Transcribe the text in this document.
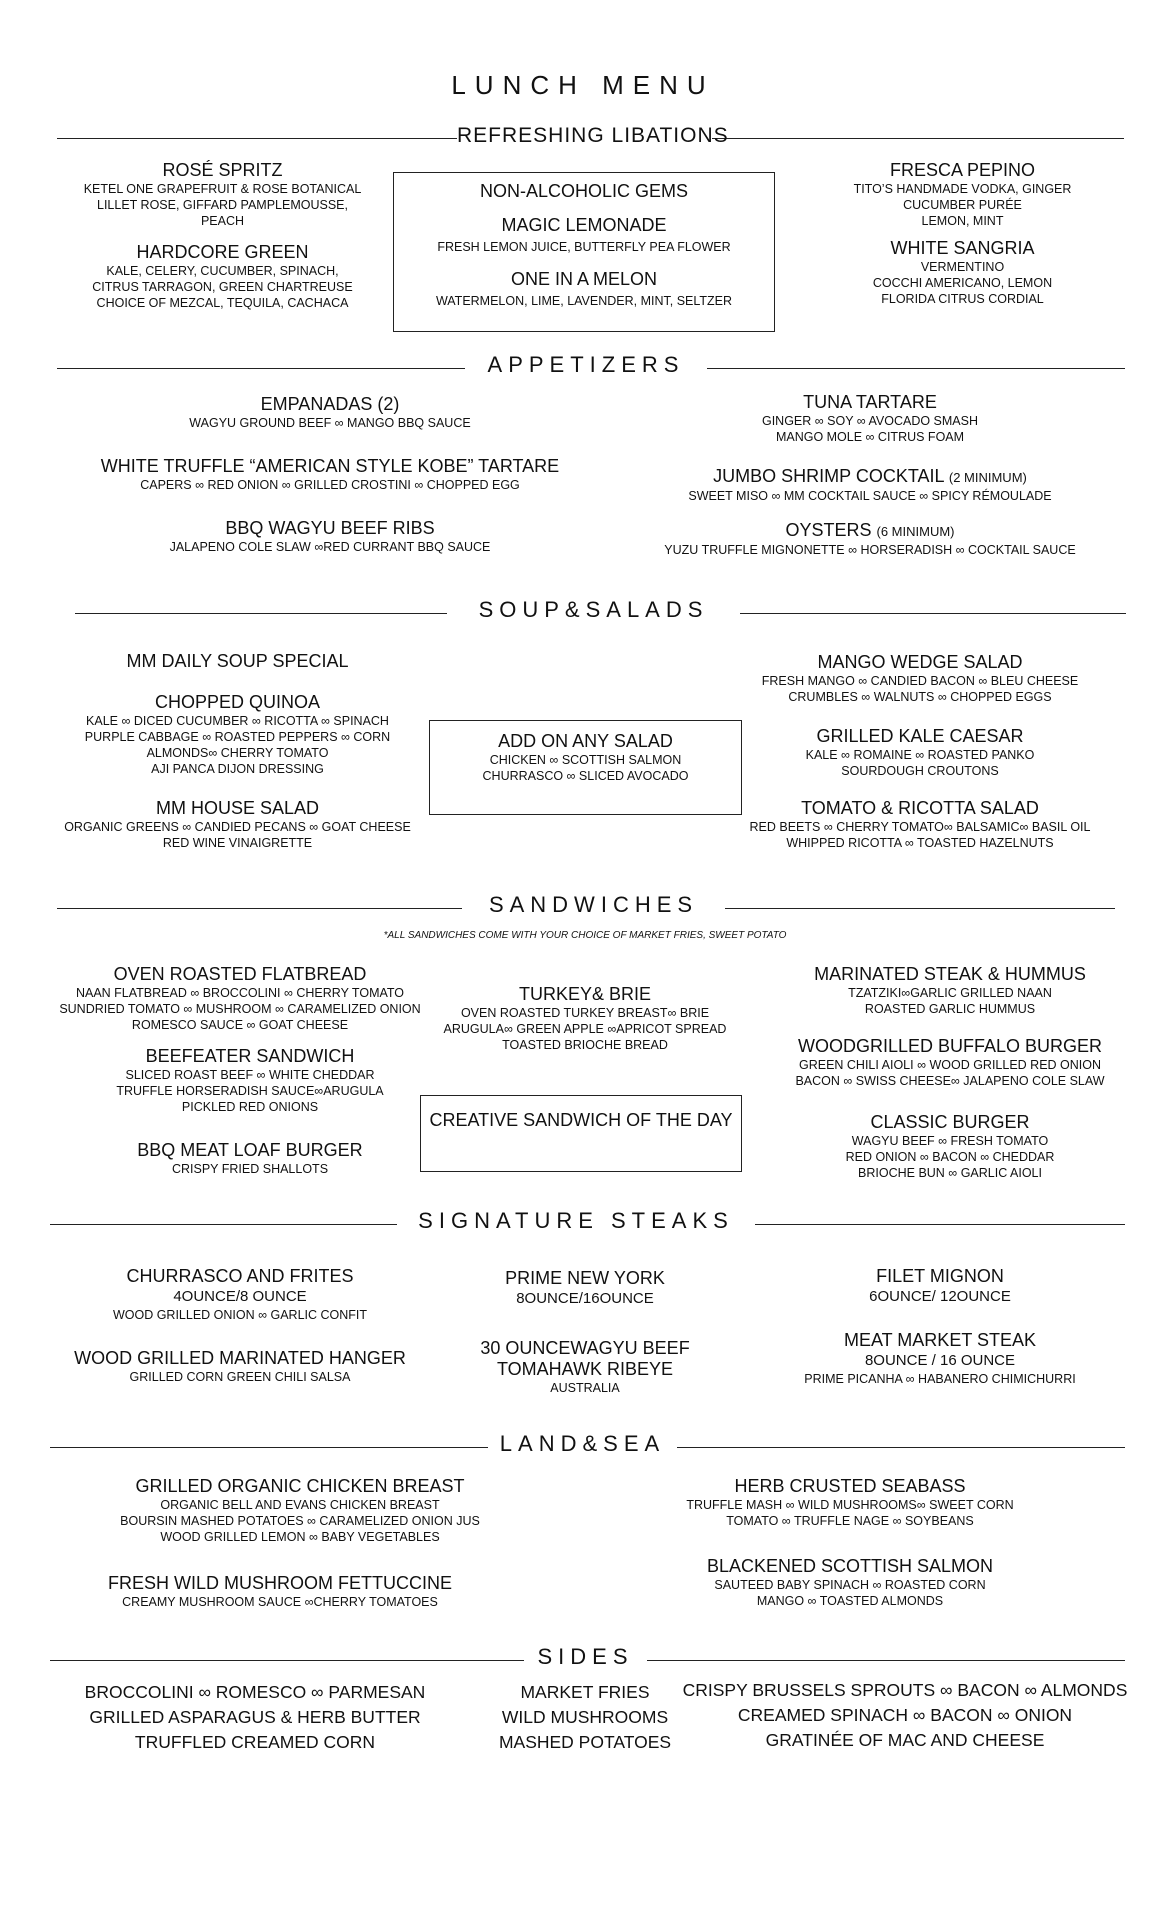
LUNCH MENU
REFRESHING LIBATIONS
ROSÉ SPRITZ
KETEL ONE GRAPEFRUIT & ROSE BOTANICAL
LILLET ROSE, GIFFARD PAMPLEMOUSSE,
PEACH
HARDCORE GREEN
KALE, CELERY, CUCUMBER, SPINACH,
CITRUS TARRAGON, GREEN CHARTREUSE
CHOICE OF MEZCAL, TEQUILA, CACHACA
NON-ALCOHOLIC GEMS
MAGIC LEMONADE
FRESH LEMON JUICE, BUTTERFLY PEA FLOWER
ONE IN A MELON
WATERMELON, LIME, LAVENDER, MINT, SELTZER
FRESCA PEPINO
TITO’S HANDMADE VODKA, GINGER
CUCUMBER PURÉE
LEMON, MINT
WHITE SANGRIA
VERMENTINO
COCCHI AMERICANO, LEMON
FLORIDA CITRUS CORDIAL
APPETIZERS
EMPANADAS (2)
WAGYU GROUND BEEF ∞ MANGO BBQ SAUCE
WHITE TRUFFLE “AMERICAN STYLE KOBE” TARTARE
CAPERS ∞ RED ONION ∞ GRILLED CROSTINI ∞ CHOPPED EGG
BBQ WAGYU BEEF RIBS
JALAPENO COLE SLAW ∞RED CURRANT BBQ SAUCE
TUNA TARTARE
GINGER ∞ SOY ∞ AVOCADO SMASH
MANGO MOLE ∞ CITRUS FOAM
JUMBO SHRIMP COCKTAIL (2 MINIMUM)
SWEET MISO ∞ MM COCKTAIL SAUCE ∞ SPICY RÉMOULADE
OYSTERS (6 MINIMUM)
YUZU TRUFFLE MIGNONETTE ∞ HORSERADISH ∞ COCKTAIL SAUCE
SOUP&SALADS
MM DAILY SOUP SPECIAL
CHOPPED QUINOA
KALE ∞ DICED CUCUMBER ∞ RICOTTA ∞ SPINACH
PURPLE CABBAGE ∞ ROASTED PEPPERS ∞ CORN
ALMONDS∞ CHERRY TOMATO
AJI PANCA DIJON DRESSING
MM HOUSE SALAD
ORGANIC GREENS ∞ CANDIED PECANS ∞ GOAT CHEESE
RED WINE VINAIGRETTE
ADD ON ANY SALAD
CHICKEN ∞ SCOTTISH SALMON
CHURRASCO ∞ SLICED AVOCADO
MANGO WEDGE SALAD
FRESH MANGO ∞ CANDIED BACON ∞ BLEU CHEESE
CRUMBLES ∞ WALNUTS ∞ CHOPPED EGGS
GRILLED KALE CAESAR
KALE ∞ ROMAINE ∞ ROASTED PANKO
SOURDOUGH CROUTONS
TOMATO & RICOTTA SALAD
RED BEETS ∞ CHERRY TOMATO∞ BALSAMIC∞ BASIL OIL
WHIPPED RICOTTA ∞ TOASTED HAZELNUTS
SANDWICHES
*ALL SANDWICHES COME WITH YOUR CHOICE OF MARKET FRIES, SWEET POTATO
OVEN ROASTED FLATBREAD
NAAN FLATBREAD ∞ BROCCOLINI ∞ CHERRY TOMATO
SUNDRIED TOMATO ∞ MUSHROOM ∞ CARAMELIZED ONION
ROMESCO SAUCE ∞ GOAT CHEESE
BEEFEATER SANDWICH
SLICED ROAST BEEF ∞ WHITE CHEDDAR
TRUFFLE HORSERADISH SAUCE∞ARUGULA
PICKLED RED ONIONS
BBQ MEAT LOAF BURGER
CRISPY FRIED SHALLOTS
TURKEY& BRIE
OVEN ROASTED TURKEY BREAST∞ BRIE
ARUGULA∞ GREEN APPLE ∞APRICOT SPREAD
TOASTED BRIOCHE BREAD
CREATIVE SANDWICH OF THE DAY
MARINATED STEAK & HUMMUS
TZATZIKI∞GARLIC GRILLED NAAN
ROASTED GARLIC HUMMUS
WOODGRILLED BUFFALO BURGER
GREEN CHILI AIOLI ∞ WOOD GRILLED RED ONION
BACON ∞ SWISS CHEESE∞ JALAPENO COLE SLAW
CLASSIC BURGER
WAGYU BEEF ∞ FRESH TOMATO
RED ONION ∞ BACON ∞ CHEDDAR
BRIOCHE BUN ∞ GARLIC AIOLI
SIGNATURE STEAKS
CHURRASCO AND FRITES
4OUNCE/8 OUNCE
WOOD GRILLED ONION ∞ GARLIC CONFIT
WOOD GRILLED MARINATED HANGER
GRILLED CORN GREEN CHILI SALSA
PRIME NEW YORK
8OUNCE/16OUNCE
30 OUNCEWAGYU BEEF
TOMAHAWK RIBEYE
AUSTRALIA
FILET MIGNON
6OUNCE/ 12OUNCE
MEAT MARKET STEAK
8OUNCE / 16 OUNCE
PRIME PICANHA ∞ HABANERO CHIMICHURRI
LAND&SEA
GRILLED ORGANIC CHICKEN BREAST
ORGANIC BELL AND EVANS CHICKEN BREAST
BOURSIN MASHED POTATOES ∞ CARAMELIZED ONION JUS
WOOD GRILLED LEMON ∞ BABY VEGETABLES
FRESH WILD MUSHROOM FETTUCCINE
CREAMY MUSHROOM SAUCE ∞CHERRY TOMATOES
HERB CRUSTED SEABASS
TRUFFLE MASH ∞ WILD MUSHROOMS∞ SWEET CORN
TOMATO ∞ TRUFFLE NAGE ∞ SOYBEANS
BLACKENED SCOTTISH SALMON
SAUTEED BABY SPINACH ∞ ROASTED CORN
MANGO ∞ TOASTED ALMONDS
SIDES
BROCCOLINI ∞ ROMESCO ∞ PARMESAN
GRILLED ASPARAGUS & HERB BUTTER
TRUFFLED CREAMED CORN
MARKET FRIES
WILD MUSHROOMS
MASHED POTATOES
CRISPY BRUSSELS SPROUTS ∞ BACON ∞ ALMONDS
CREAMED SPINACH ∞ BACON ∞ ONION
GRATINÉE OF MAC AND CHEESE
